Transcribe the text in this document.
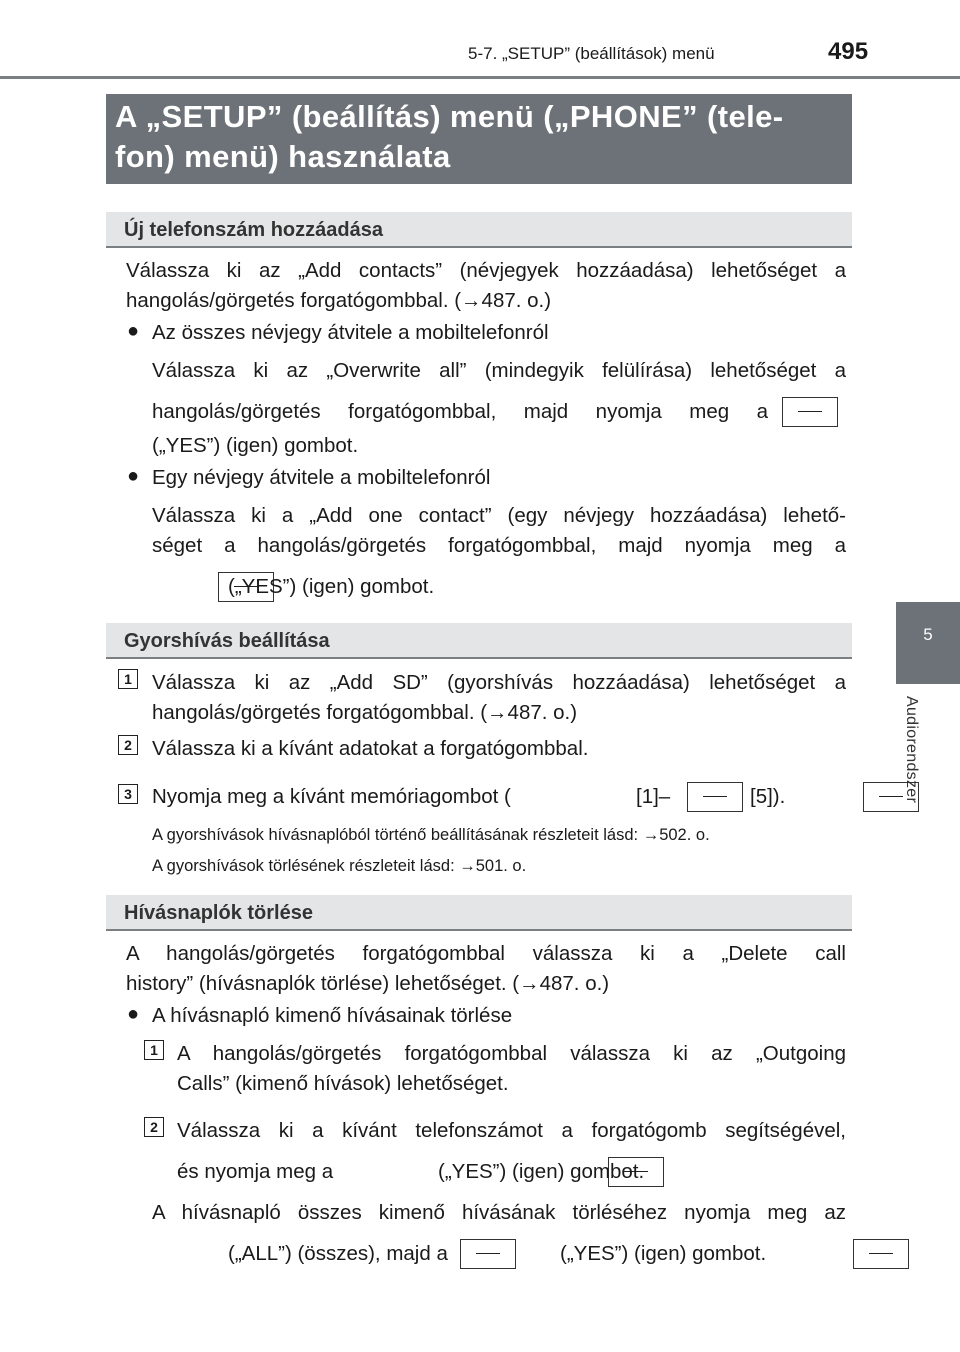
5-7. „SETUP” (beállítások) menü	495
5
Audiorendszer
A „SETUP” (beállítás) menü („PHONE” (tele-
fon) menü) használata
Új telefonszám hozzáadása
Válassza ki az „Add contacts” (névjegyek hozzáadása) lehetőséget a
hangolás/görgetés forgatógombbal. (→487. o.)
● Az összes névjegy átvitele a mobiltelefonról
Válassza ki az „Overwrite all” (mindegyik felülírása) lehetőséget a
hangolás/görgetés forgatógombbal, majd nyomja meg a

(„YES”) (igen) gombot.
● Egy névjegy átvitele a mobiltelefonról
Válassza ki a „Add one contact” (egy névjegy hozzáadása) lehető-
séget a hangolás/görgetés forgatógombbal, majd nyomja meg a

(„YES”) (igen) gombot.
Gyorshívás beállítása
1 Válassza ki az „Add SD” (gyorshívás hozzáadása) lehetőséget a
hangolás/görgetés forgatógombbal. (→487. o.)
2 Válassza ki a kívánt adatokat a forgatógombbal.
3 Nyomja meg a kívánt memóriagombot (
	[1]–
	[5]).
A gyorshívások hívásnaplóból történő beállításának részleteit lásd: →502. o.
A gyorshívások törlésének részleteit lásd: →501. o.
Hívásnaplók törlése
A hangolás/görgetés forgatógombbal válassza ki a „Delete call
history” (hívásnaplók törlése) lehetőséget. (→487. o.)
● A hívásnapló kimenő hívásainak törlése
1 A hangolás/görgetés forgatógombbal válassza ki az „Outgoing
Calls” (kimenő hívások) lehetőséget.
2 Válassza ki a kívánt telefonszámot a forgatógomb segítségével,
és nyomja meg a
	(„YES”) (igen) gombot.
A hívásnapló összes kimenő hívásának törléséhez nyomja meg az

(„ALL”) (összes), majd a	(„YES”) (igen) gombot.
